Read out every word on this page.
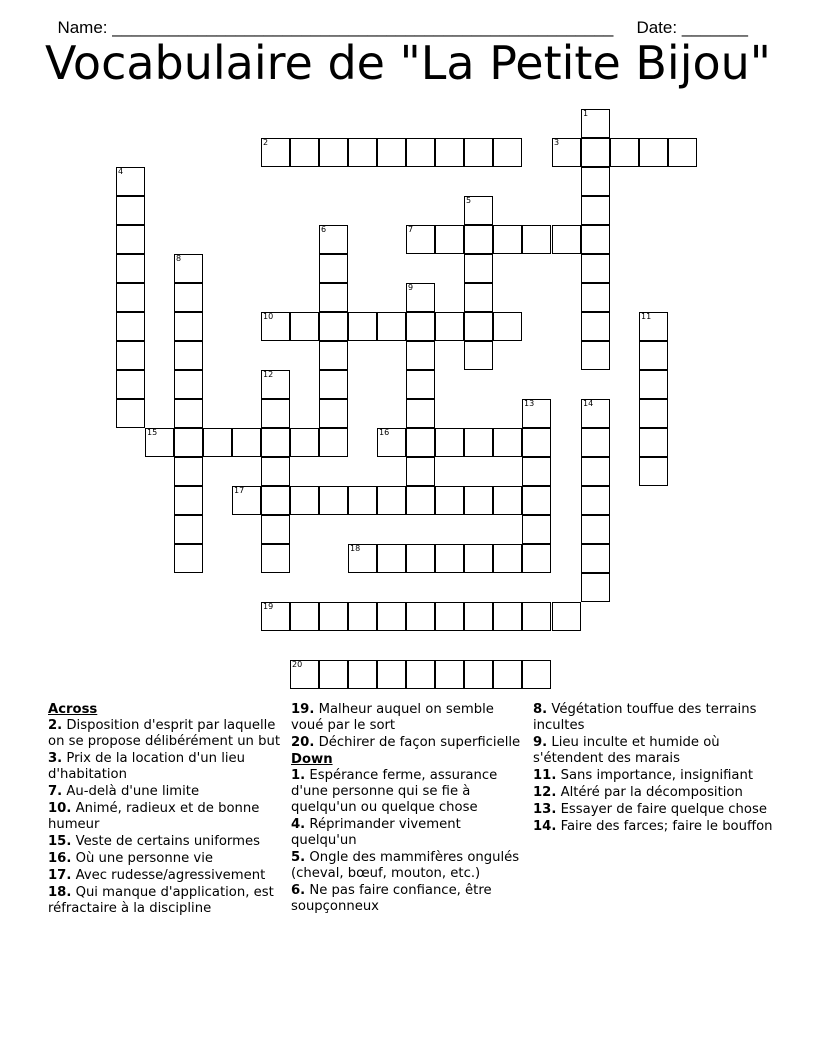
Name: _____________________________________________________	Date: _______

Vocabulaire de "La Petite Bijou"
1
2	3
4
5
6	7
8
9
10	11
12
13	14
15	16
17
18
19
20
Across
2. Disposition d'esprit par laquelle on se propose délibérément un but
3. Prix de la location d'un lieu d'habitation
7. Au-delà d'une limite
10. Animé, radieux et de bonne humeur
15. Veste de certains uniformes
16. Où une personne vie
17. Avec rudesse/agressivement
18. Qui manque d'application, est réfractaire à la discipline
19. Malheur auquel on semble voué par le sort
20. Déchirer de façon superficielle
Down
1. Espérance ferme, assurance d'une personne qui se fie à quelqu'un ou quelque chose
4. Réprimander vivement quelqu'un
5. Ongle des mammifères ongulés (cheval, bœuf, mouton, etc.)
6. Ne pas faire confiance, être soupçonneux
8. Végétation touffue des terrains incultes
9. Lieu inculte et humide où s'étendent des marais
11. Sans importance, insignifiant
12. Altéré par la décomposition
13. Essayer de faire quelque chose
14. Faire des farces; faire le bouffon
